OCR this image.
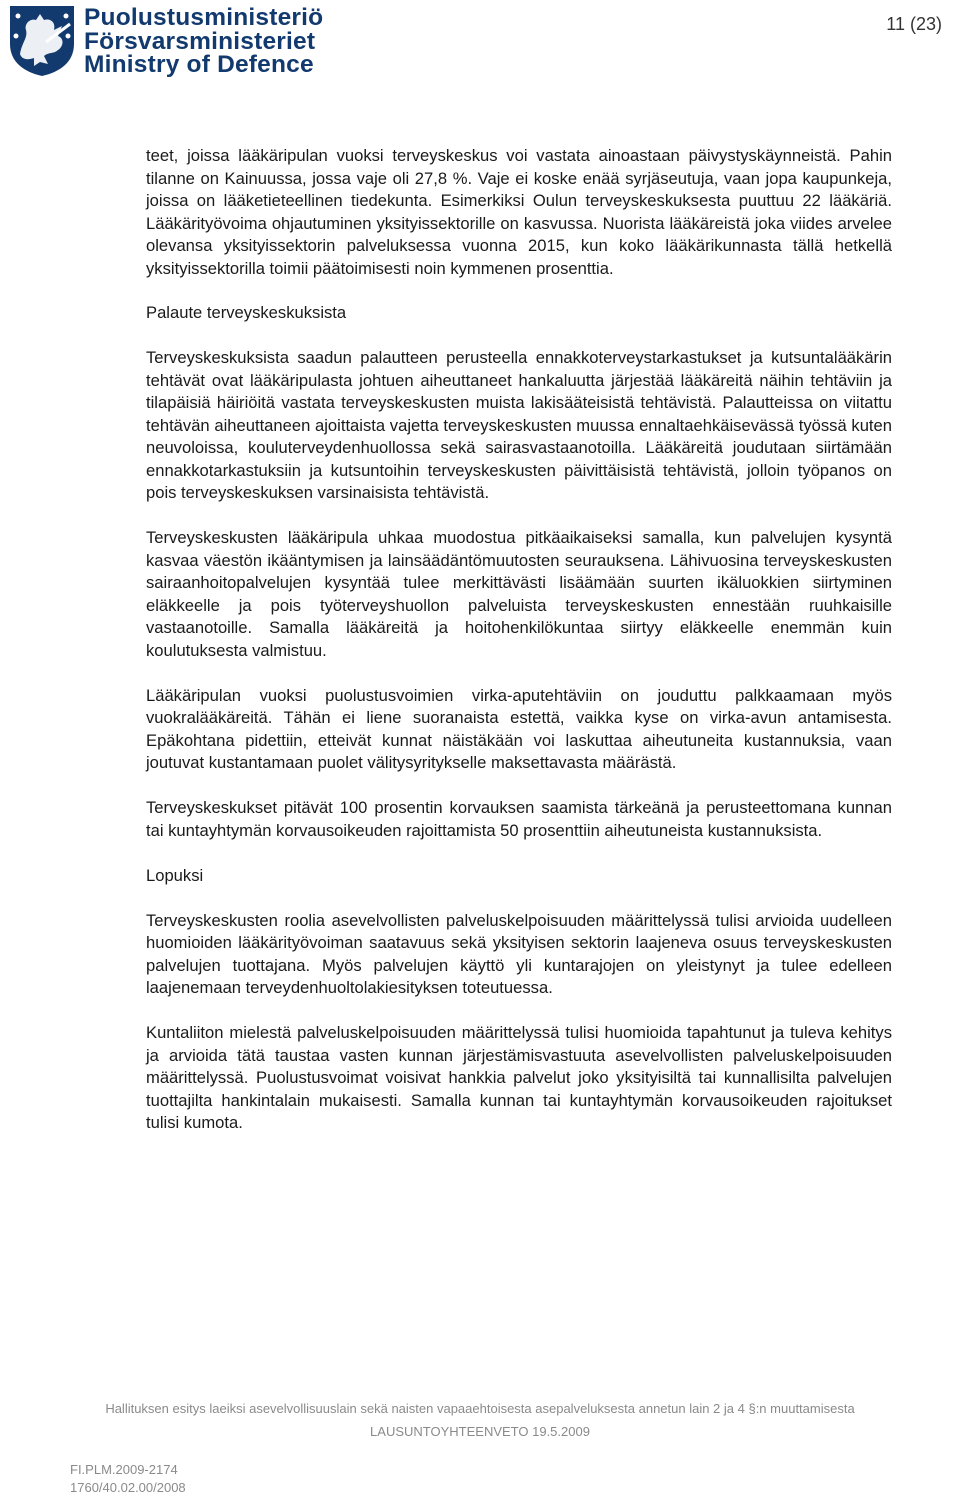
Puolustusministeriö
Försvarsministeriet
Ministry of Defence
11 (23)

teet, joissa lääkäripulan vuoksi terveyskeskus voi vastata ainoastaan päivystyskäynneistä. Pahin tilanne on Kainuussa, jossa vaje oli 27,8 %. Vaje ei koske enää syrjäseutuja, vaan jopa kaupunkeja, joissa on lääketieteellinen tiedekunta. Esimerkiksi Oulun terveyskeskuksesta puuttuu 22 lääkäriä. Lääkärityövoima ohjautuminen yksityissektorille on kasvussa. Nuorista lääkäreistä joka viides arvelee olevansa yksityissektorin palveluksessa vuonna 2015, kun koko lääkärikunnasta tällä hetkellä yksityissektorilla toimii päätoimisesti noin kymmenen prosenttia.

Palaute terveyskeskuksista

Terveyskeskuksista saadun palautteen perusteella ennakkoterveystarkastukset ja kutsuntalääkärin tehtävät ovat lääkäripulasta johtuen aiheuttaneet hankaluutta järjestää lääkäreitä näihin tehtäviin ja tilapäisiä häiriöitä vastata terveyskeskusten muista lakisääteisistä tehtävistä. Palautteissa on viitattu tehtävän aiheuttaneen ajoittaista vajetta terveyskeskusten muussa ennaltaehkäisevässä työssä kuten neuvoloissa, kouluterveydenhuollossa sekä sairasvastaanotoilla. Lääkäreitä joudutaan siirtämään ennakkotarkastuksiin ja kutsuntoihin terveyskeskusten päivittäisistä tehtävistä, jolloin työpanos on pois terveyskeskuksen varsinaisista tehtävistä.

Terveyskeskusten lääkäripula uhkaa muodostua pitkäaikaiseksi samalla, kun palvelujen kysyntä kasvaa väestön ikääntymisen ja lainsäädäntömuutosten seurauksena. Lähivuosina terveyskeskusten sairaanhoitopalvelujen kysyntää tulee merkittävästi lisäämään suurten ikäluokkien siirtyminen eläkkeelle ja pois työterveyshuollon palveluista terveyskeskusten ennestään ruuhkaisille vastaanotoille. Samalla lääkäreitä ja hoitohenkilökuntaa siirtyy eläkkeelle enemmän kuin koulutuksesta valmistuu.

Lääkäripulan vuoksi puolustusvoimien virka-aputehtäviin on jouduttu palkkaamaan myös vuokralääkäreitä. Tähän ei liene suoranaista estettä, vaikka kyse on virka-avun antamisesta. Epäkohtana pidettiin, etteivät kunnat näistäkään voi laskuttaa aiheutuneita kustannuksia, vaan joutuvat kustantamaan puolet välitysyritykselle maksettavasta määrästä.

Terveyskeskukset pitävät 100 prosentin korvauksen saamista tärkeänä ja perusteettomana kunnan tai kuntayhtymän korvausoikeuden rajoittamista 50 prosenttiin aiheutuneista kustannuksista.

Lopuksi

Terveyskeskusten roolia asevelvollisten palveluskelpoisuuden määrittelyssä tulisi arvioida uudelleen huomioiden lääkärityövoiman saatavuus sekä yksityisen sektorin laajeneva osuus terveyskeskusten palvelujen tuottajana. Myös palvelujen käyttö yli kuntarajojen on yleistynyt ja tulee edelleen laajenemaan terveydenhuoltolakiesityksen toteutuessa.

Kuntaliiton mielestä palveluskelpoisuuden määrittelyssä tulisi huomioida tapahtunut ja tuleva kehitys ja arvioida tätä taustaa vasten kunnan järjestämisvastuuta asevelvollisten palveluskelpoisuuden määrittelyssä. Puolustusvoimat voisivat hankkia palvelut joko yksityisiltä tai kunnallisilta palvelujen tuottajilta hankintalain mukaisesti. Samalla kunnan tai kuntayhtymän korvausoikeuden rajoitukset tulisi kumota.

Hallituksen esitys laeiksi asevelvollisuuslain sekä naisten vapaaehtoisesta asepalveluksesta annetun lain 2 ja 4 §:n muuttamisesta
LAUSUNTOYHTEENVETO 19.5.2009
FI.PLM.2009-2174
1760/40.02.00/2008
